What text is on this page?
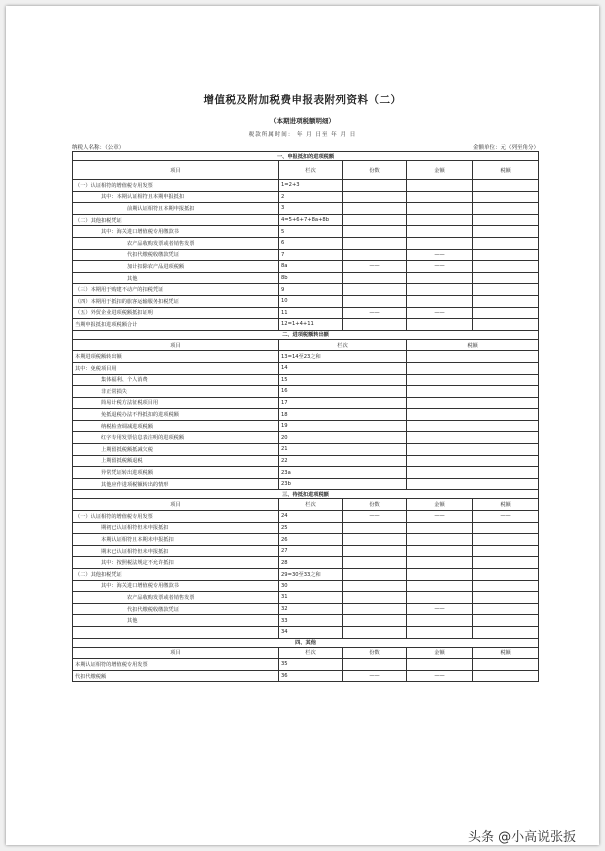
增值税及附加税费申报表附列资料（二）
（本期进项税额明细）
税款所属时间： 年 月 日至 年 月 日
纳税人名称：（公章）	金额单位：元（列至角分）
一、申报抵扣的进项税额				
项目	栏次	份数	金额	税额
（一）认证相符的增值税专用发票	1=2+3			
其中：本期认证相符且本期申报抵扣	2			
前期认证相符且本期申报抵扣	3			
（二）其他扣税凭证	4=5+6+7+8a+8b			
其中：海关进口增值税专用缴款书	5			
农产品收购发票或者销售发票	6			
代扣代缴税收缴款凭证	7		——	
加计扣除农产品进项税额	8a	——	——	
其他	8b			
（三）本期用于购建不动产的扣税凭证	9			
（四）本期用于抵扣的旅客运输服务扣税凭证	10			
（五）外贸企业进项税额抵扣证明	11	——	——	
当期申报抵扣进项税额合计	12=1+4+11			
二、进项税额转出额				
项目	栏次		税额	
本期进项税额转出额	13=14至23之和			
其中：免税项目用	14			
集体福利、个人消费	15			
非正常损失	16			
简易计税方法征税项目用	17			
免抵退税办法不得抵扣的进项税额	18			
纳税检查调减进项税额	19			
红字专用发票信息表注明的进项税额	20			
上期留抵税额抵减欠税	21			
上期留抵税额退税	22			
异常凭证转出进项税额	23a			
其他应作进项税额转出的情形	23b			
三、待抵扣进项税额				
项目	栏次	份数	金额	税额
（一）认证相符的增值税专用发票	24	——	——	——
期初已认证相符但未申报抵扣	25			
本期认证相符且本期未申报抵扣	26			
期末已认证相符但未申报抵扣	27			
其中：按照税法规定不允许抵扣	28			
（二）其他扣税凭证	29=30至33之和			
其中：海关进口增值税专用缴款书	30			
农产品收购发票或者销售发票	31			
代扣代缴税收缴款凭证	32		——	
其他	33			
	34			
四、其他				
项目	栏次	份数	金额	税额
本期认证相符的增值税专用发票	35			
代扣代缴税额	36	——	——	
头条 @小高说张扳
